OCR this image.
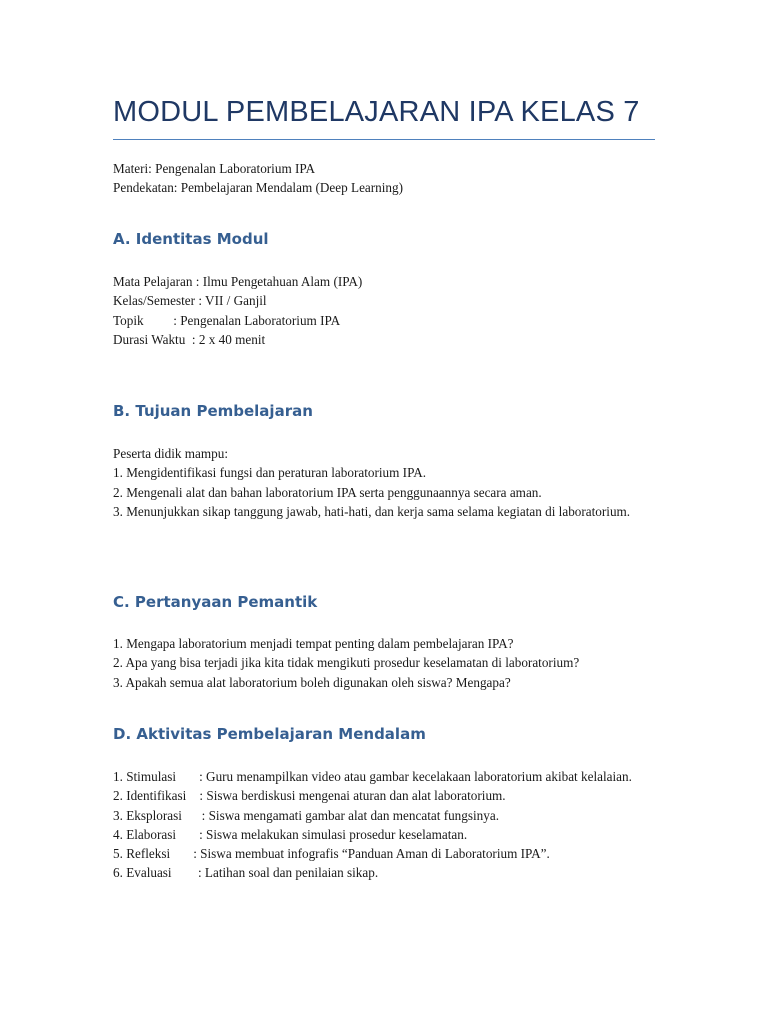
MODUL PEMBELAJARAN IPA KELAS 7
Materi: Pengenalan Laboratorium IPA
Pendekatan: Pembelajaran Mendalam (Deep Learning)
A. Identitas Modul
Mata Pelajaran : Ilmu Pengetahuan Alam (IPA)
Kelas/Semester : VII / Ganjil
Topik         : Pengenalan Laboratorium IPA
Durasi Waktu  : 2 x 40 menit
B. Tujuan Pembelajaran
Peserta didik mampu:
1. Mengidentifikasi fungsi dan peraturan laboratorium IPA.
2. Mengenali alat dan bahan laboratorium IPA serta penggunaannya secara aman.
3. Menunjukkan sikap tanggung jawab, hati-hati, dan kerja sama selama kegiatan di laboratorium.
C. Pertanyaan Pemantik
1. Mengapa laboratorium menjadi tempat penting dalam pembelajaran IPA?
2. Apa yang bisa terjadi jika kita tidak mengikuti prosedur keselamatan di laboratorium?
3. Apakah semua alat laboratorium boleh digunakan oleh siswa? Mengapa?
D. Aktivitas Pembelajaran Mendalam
1. Stimulasi       : Guru menampilkan video atau gambar kecelakaan laboratorium akibat kelalaian.
2. Identifikasi    : Siswa berdiskusi mengenai aturan dan alat laboratorium.
3. Eksplorasi      : Siswa mengamati gambar alat dan mencatat fungsinya.
4. Elaborasi       : Siswa melakukan simulasi prosedur keselamatan.
5. Refleksi       : Siswa membuat infografis “Panduan Aman di Laboratorium IPA”.
6. Evaluasi        : Latihan soal dan penilaian sikap.
